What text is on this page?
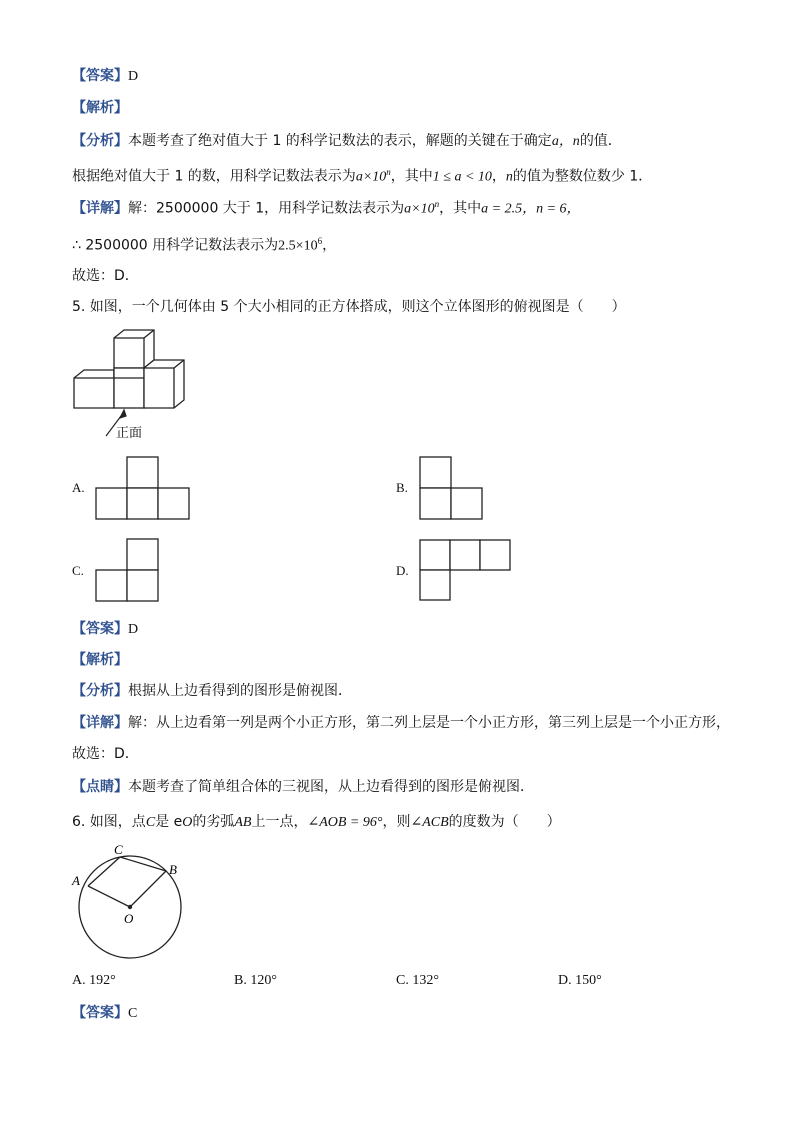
【答案】D
【解析】
【分析】本题考查了绝对值大于 1 的科学记数法的表示，解题的关键在于确定a，n的值．
根据绝对值大于 1 的数，用科学记数法表示为$a\times 10^n$，其中1 ≤ a < 10，n的值为整数位数少 1．
【详解】解：2500000 大于 1，用科学记数法表示为$a\times 10^n$，其中a = 2.5，n = 6，
∴ 2500000 用科学记数法表示为$2.5\times 10^6$，
故选：D．
5. 如图，一个几何体由 5 个大小相同的正方体搭成，则这个立体图形的俯视图是（　　）
正面
A.	B.
C.	D.
【答案】D
【解析】
【分析】根据从上边看得到的图形是俯视图．
【详解】解：从上边看第一列是两个小正方形，第二列上层是一个小正方形，第三列上层是一个小正方形，
故选：D．
【点睛】本题考查了简单组合体的三视图，从上边看得到的图形是俯视图．
6. 如图，点C是 eO的劣弧AB上一点，∠AOB = 96°，则∠ACB的度数为（　　）
C
A
B
O
A. 192°	B. 120°	C. 132°	D. 150°
【答案】C
